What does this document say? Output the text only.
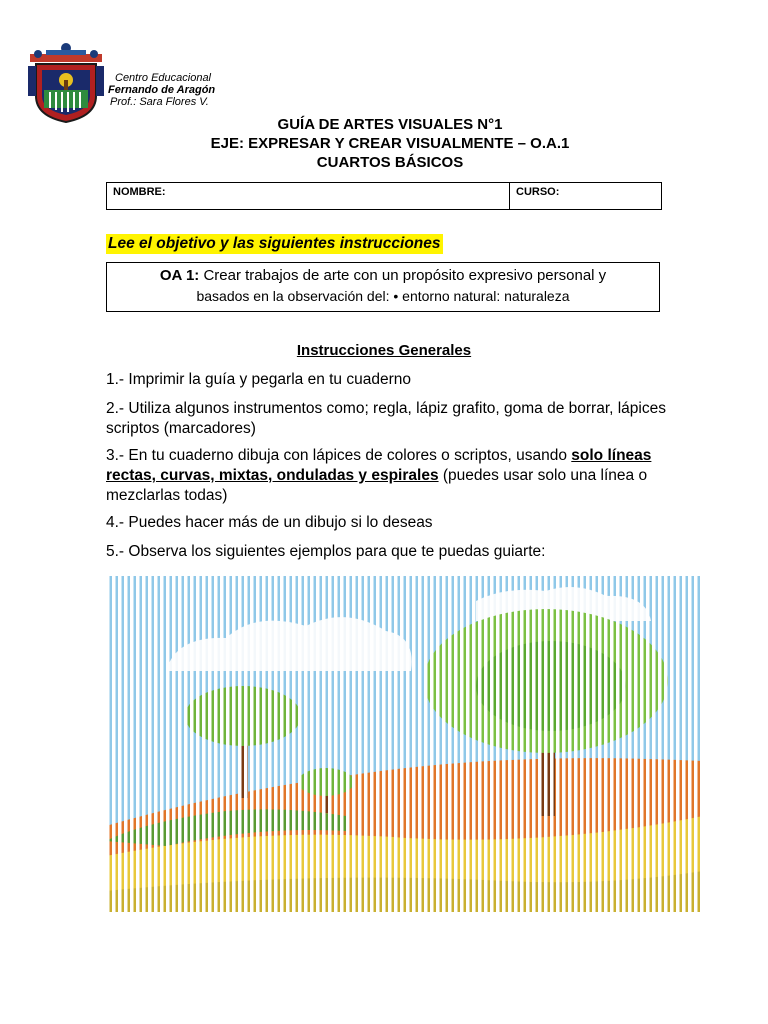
Centro Educacional
Fernando de Aragón
Prof.: Sara Flores V.
GUÍA DE ARTES VISUALES N°1
EJE: EXPRESAR Y CREAR VISUALMENTE – O.A.1
CUARTOS BÁSICOS
NOMBRE:	CURSO:
Lee el objetivo y las siguientes instrucciones
OA 1: Crear trabajos de arte con un propósito expresivo personal y
basados en la observación del: • entorno natural: naturaleza
Instrucciones Generales
1.- Imprimir la guía y pegarla en tu cuaderno
2.- Utiliza algunos instrumentos como; regla, lápiz grafito, goma de borrar, lápices scriptos (marcadores)
3.- En tu cuaderno dibuja con lápices de colores o scriptos, usando solo líneas rectas, curvas, mixtas, onduladas y espirales (puedes usar solo una línea o mezclarlas todas)
4.- Puedes hacer más de un dibujo si lo deseas
5.- Observa los siguientes ejemplos para que te puedas guiarte:
